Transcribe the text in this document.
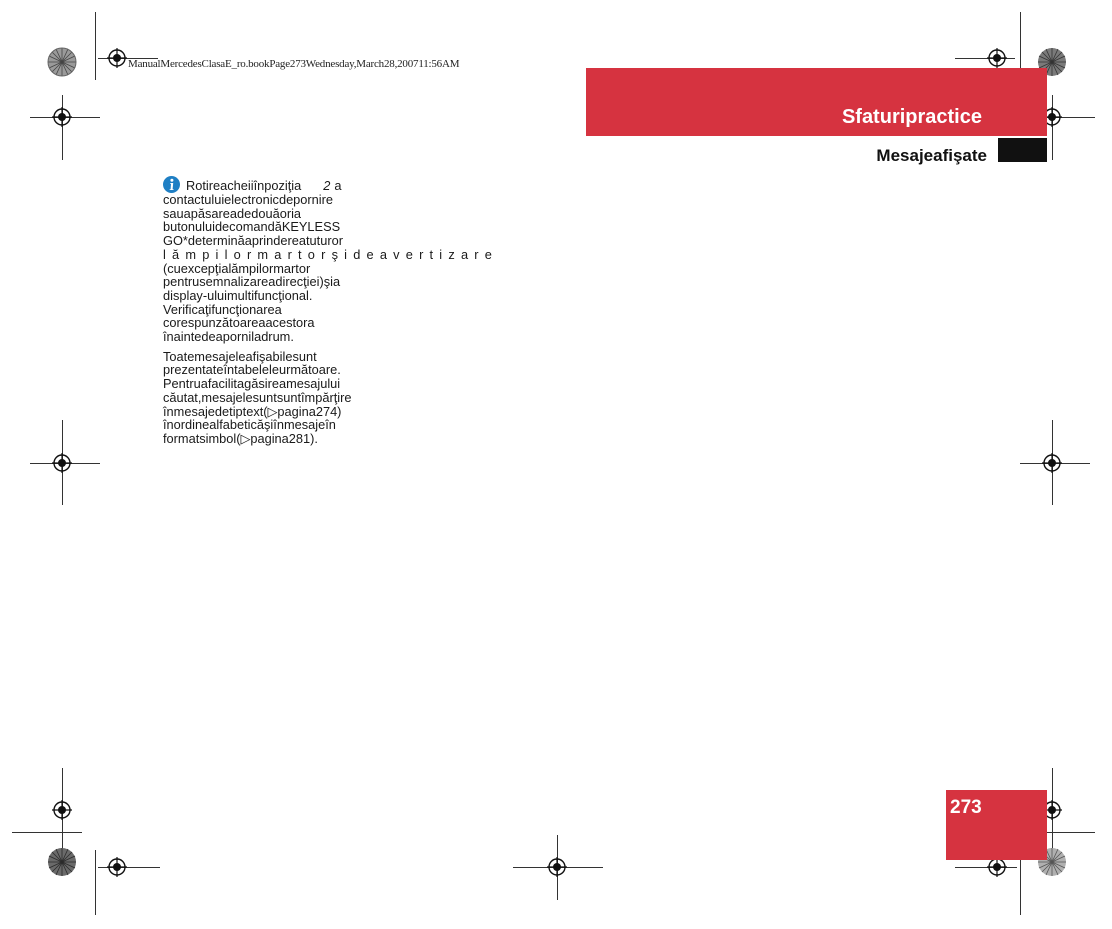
ManualMercedesClasaE_ro.bookPage273Wednesday,March28,200711:56AM
Sfaturipractice
Mesajeafişate
Rotireacheiiînpoziţia 2 a
contactuluielectronicdepornire
sauapăsareadedouăoria
butonuluidecomandăKEYLESS
GO*determinăaprindereatuturor
lămpilormartorşideavertizare
(cuexcepţialămpilormartor
pentrusemnalizareadirecţiei)şia
display-uluimultifuncţional.
Verificaţifuncţionarea
corespunzătoareaacestora
înaintedeaporniladrum.

Toatemesajeleafişabilesunt
prezentateîntabeleleurmătoare.
Pentruafacilitagăsireamesajului
căutat,mesajelesuntsuntîmpărţire
înmesajedetiptext(▷pagina274)
înordinealfabeticăşiînmesajeîn
formatsimbol(▷pagina281).

273
